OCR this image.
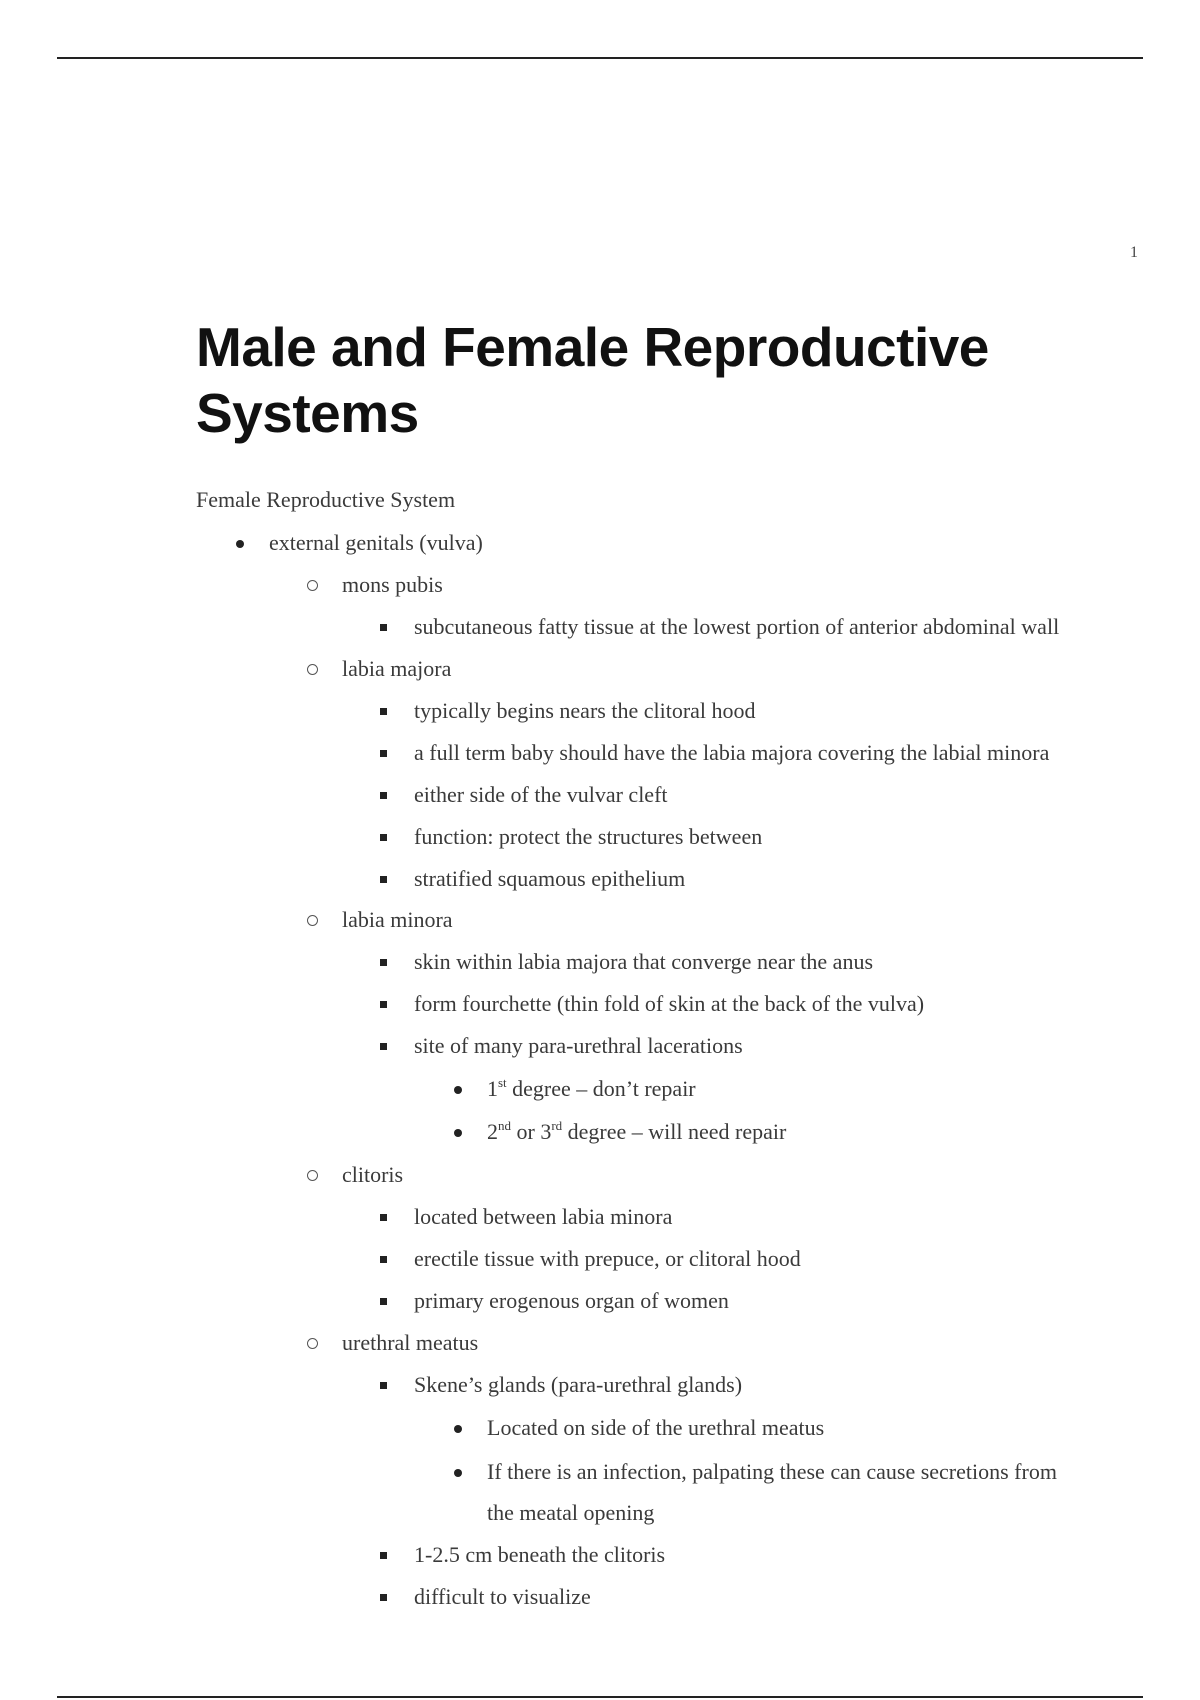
1
Male and Female Reproductive
Systems

Female Reproductive System

external genitals (vulva)
mons pubis
subcutaneous fatty tissue at the lowest portion of anterior abdominal wall
labia majora
typically begins nears the clitoral hood
a full term baby should have the labia majora covering the labial minora
either side of the vulvar cleft
function: protect the structures between
stratified squamous epithelium
labia minora
skin within labia majora that converge near the anus
form fourchette (thin fold of skin at the back of the vulva)
site of many para-urethral lacerations
1st degree – don’t repair
2nd or 3rd degree – will need repair
clitoris
located between labia minora
erectile tissue with prepuce, or clitoral hood
primary erogenous organ of women
urethral meatus
Skene’s glands (para-urethral glands)
Located on side of the urethral meatus
If there is an infection, palpating these can cause secretions from
the meatal opening
1-2.5 cm beneath the clitoris
difficult to visualize
